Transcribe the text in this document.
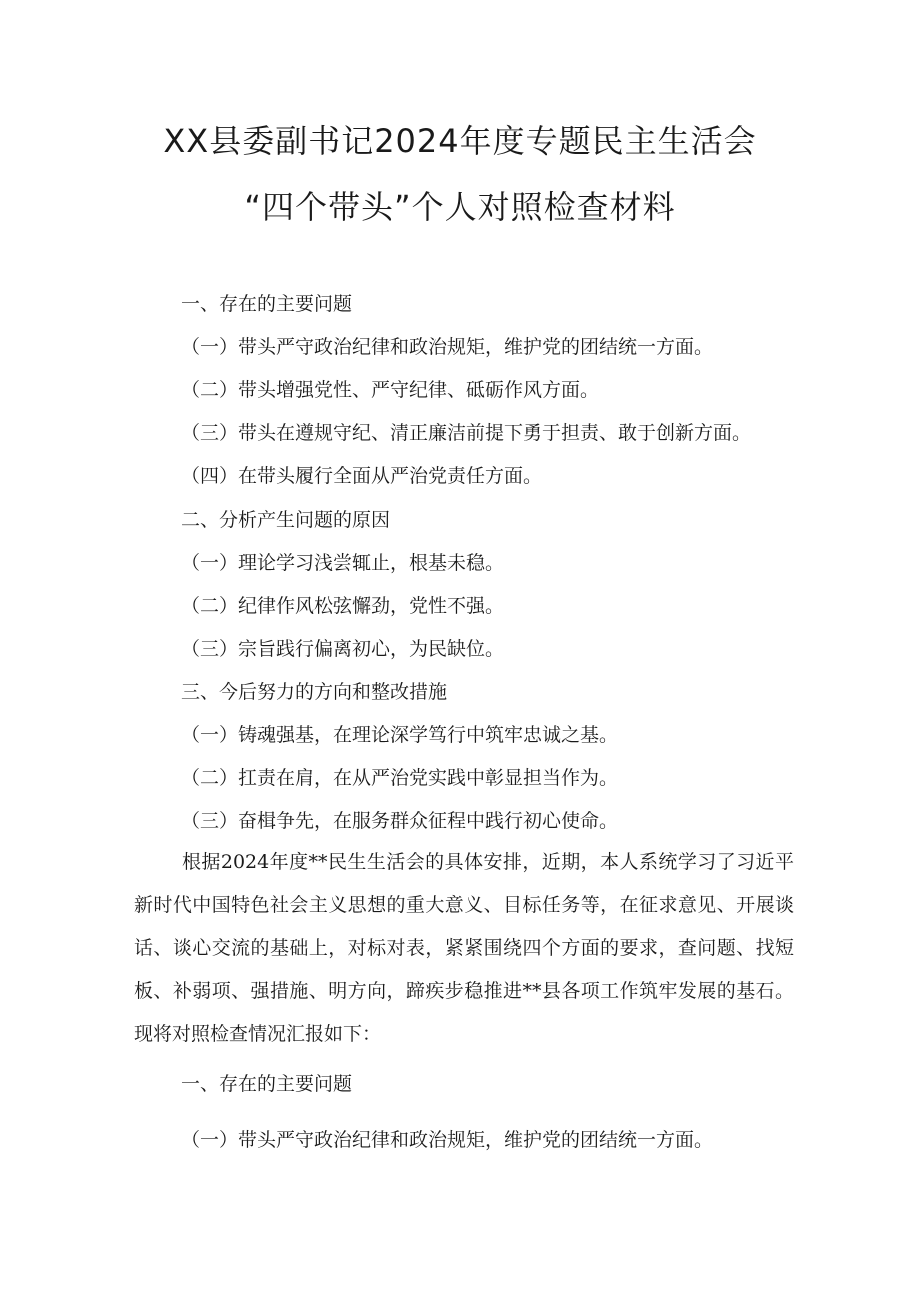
XX县委副书记2024年度专题民主生活会
“四个带头”个人对照检查材料
一、存在的主要问题
（一）带头严守政治纪律和政治规矩，维护党的团结统一方面。
（二）带头增强党性、严守纪律、砥砺作风方面。
（三）带头在遵规守纪、清正廉洁前提下勇于担责、敢于创新方面。
（四）在带头履行全面从严治党责任方面。
二、分析产生问题的原因
（一）理论学习浅尝辄止，根基未稳。
（二）纪律作风松弦懈劲，党性不强。
（三）宗旨践行偏离初心，为民缺位。
三、今后努力的方向和整改措施
（一）铸魂强基，在理论深学笃行中筑牢忠诚之基。
（二）扛责在肩，在从严治党实践中彰显担当作为。
（三）奋楫争先，在服务群众征程中践行初心使命。

根据2024年度**民生生活会的具体安排，近期，本人系统学习了习近平新时代中国特色社会主义思想的重大意义、目标任务等，在征求意见、开展谈话、谈心交流的基础上，对标对表，紧紧围绕四个方面的要求，查问题、找短板、补弱项、强措施、明方向，蹄疾步稳推进**县各项工作筑牢发展的基石。现将对照检查情况汇报如下：

一、存在的主要问题
（一）带头严守政治纪律和政治规矩，维护党的团结统一方面。
